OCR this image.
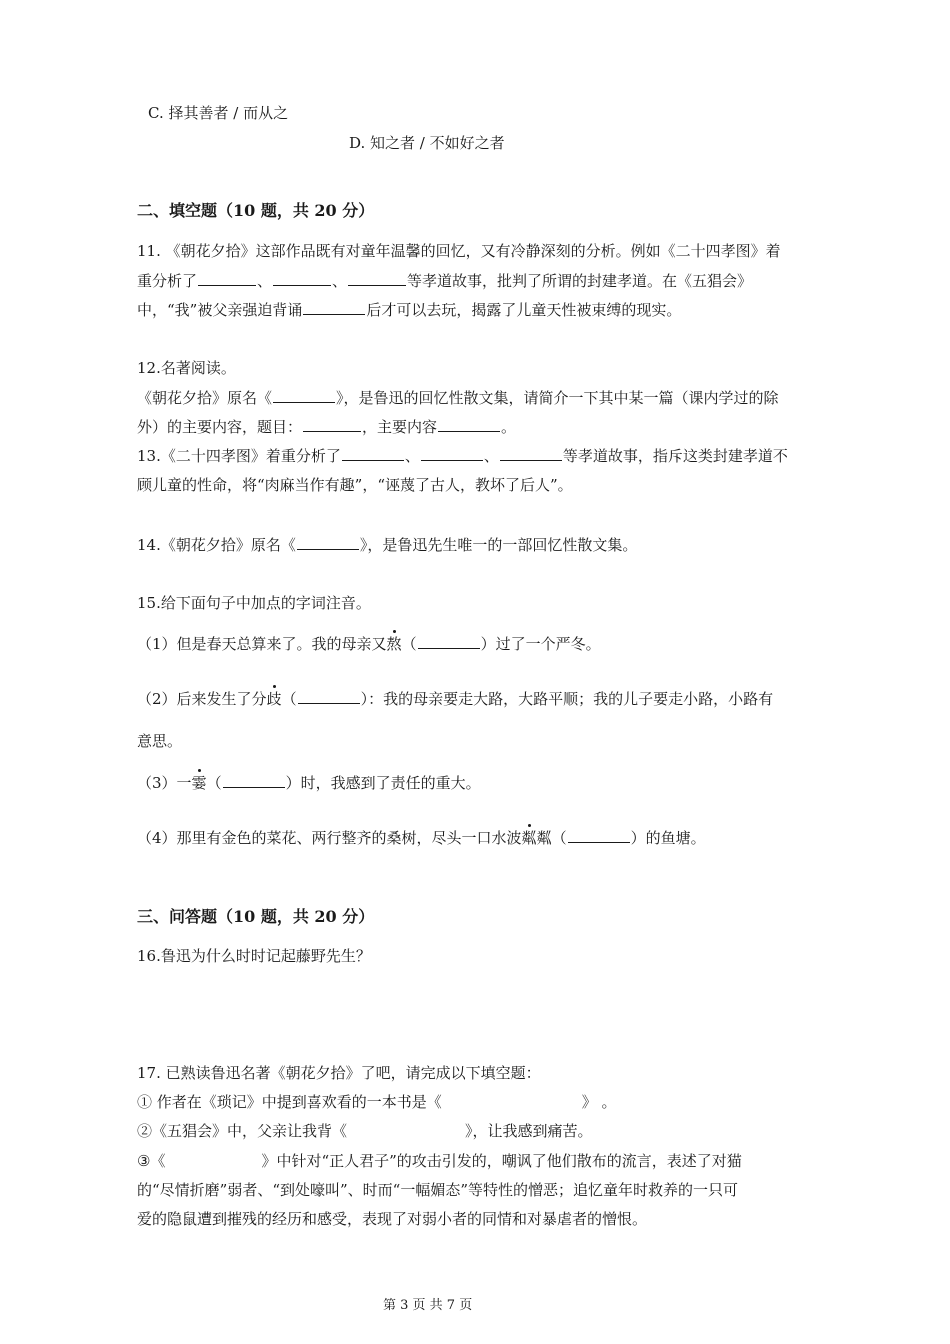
C. 择其善者 / 而从之
D. 知之者 / 不如好之者
二、填空题（10 题，共 20 分）
11. 《朝花夕拾》这部作品既有对童年温馨的回忆，又有冷静深刻的分析。例如《二十四孝图》着
重分析了	、	、	等孝道故事，批判了所谓的封建孝道。在《五猖会》
中，“我”被父亲强迫背诵	后才可以去玩，揭露了儿童天性被束缚的现实。
12.名著阅读。
《朝花夕拾》原名《	》，是鲁迅的回忆性散文集，请简介一下其中某一篇（课内学过的除
外）的主要内容，题目：	，主要内容	。
13.《二十四孝图》着重分析了	、	、	等孝道故事，指斥这类封建孝道不
顾儿童的性命，将“肉麻当作有趣”，“诬蔑了古人，教坏了后人”。
14.《朝花夕拾》原名《	》，是鲁迅先生唯一的一部回忆性散文集。
15.给下面句子中加点的字词注音。
（1）但是春天总算来了。我的母亲又熬（	）过了一个严冬。
（2）后来发生了分歧（	）：我的母亲要走大路，大路平顺；我的儿子要走小路，小路有
意思。
（3）一霎（	）时，我感到了责任的重大。
（4）那里有金色的菜花、两行整齐的桑树，尽头一口水波粼粼（	）的鱼塘。
三、问答题（10 题，共 20 分）
16.鲁迅为什么时时记起藤野先生？
17. 已熟读鲁迅名著《朝花夕拾》了吧，请完成以下填空题：
① 作者在《琐记》中提到喜欢看的一本书是《	》 。
②《五猖会》中，父亲让我背《	》，让我感到痛苦。
③《	》中针对“正人君子”的攻击引发的，嘲讽了他们散布的流言，表述了对猫
的“尽情折磨”弱者、“到处嚎叫”、时而“一幅媚态”等特性的憎恶；追忆童年时救养的一只可
爱的隐鼠遭到摧残的经历和感受，表现了对弱小者的同情和对暴虐者的憎恨。
第 3 页 共 7 页
